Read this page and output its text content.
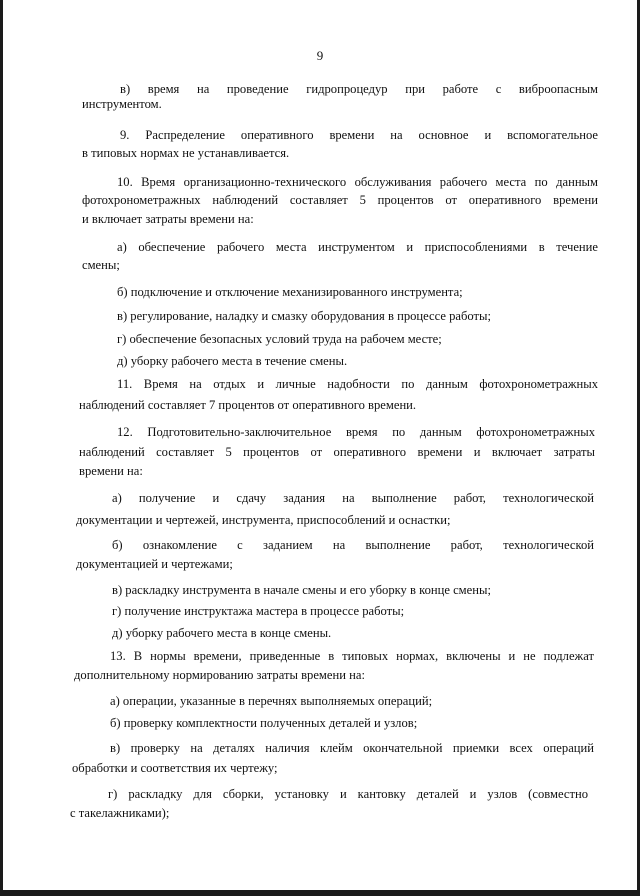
9
в) время на проведение гидропроцедур при работе с виброопасным
инструментом.
9. Распределение оперативного времени на основное и вспомогательное
в типовых нормах не устанавливается.
10. Время организационно-технического обслуживания рабочего места по данным
фотохронометражных наблюдений составляет 5 процентов от оперативного времени
и включает затраты времени на:
а) обеспечение рабочего места инструментом и приспособлениями в течение
смены;
б) подключение и отключение механизированного инструмента;
в) регулирование, наладку и смазку оборудования в процессе работы;
г) обеспечение безопасных условий труда на рабочем месте;
д) уборку рабочего места в течение смены.
11. Время на отдых и личные надобности по данным фотохронометражных
наблюдений составляет 7 процентов от оперативного времени.
12. Подготовительно-заключительное время по данным фотохронометражных
наблюдений составляет 5 процентов от оперативного времени и включает затраты
времени на:
а) получение и сдачу задания на выполнение работ, технологической
документации и чертежей, инструмента, приспособлений и оснастки;
б) ознакомление с заданием на выполнение работ, технологической
документацией и чертежами;
в) раскладку инструмента в начале смены и его уборку в конце смены;
г) получение инструктажа мастера в процессе работы;
д) уборку рабочего места в конце смены.
13. В нормы времени, приведенные в типовых нормах, включены и не подлежат
дополнительному нормированию затраты времени на:
а) операции, указанные в перечнях выполняемых операций;
б) проверку комплектности полученных деталей и узлов;
в) проверку на деталях наличия клейм окончательной приемки всех операций
обработки и соответствия их чертежу;
г) раскладку для сборки, установку и кантовку деталей и узлов (совместно
с такелажниками);
